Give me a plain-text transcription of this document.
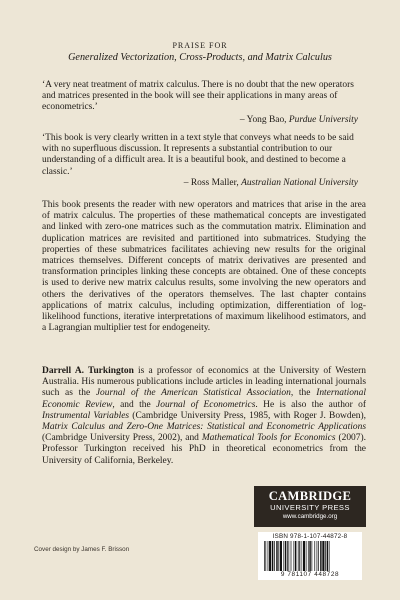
PRAISE FOR
Generalized Vectorization, Cross-Products, and Matrix Calculus

‘A very neat treatment of matrix calculus. There is no doubt that the new operators and matrices presented in the book will see their applications in many areas of econometrics.’

– Yong Bao, Purdue University

‘This book is very clearly written in a text style that conveys what needs to be said with no superfluous discussion. It represents a substantial contribution to our understanding of a difficult area. It is a beautiful book, and destined to become a classic.’

– Ross Maller, Australian National University

This book presents the reader with new operators and matrices that arise in the area of matrix calculus. The properties of these mathematical concepts are investigated and linked with zero-one matrices such as the commutation matrix. Elimination and duplication matrices are revisited and partitioned into submatrices. Studying the properties of these submatrices facilitates achieving new results for the original matrices themselves. Different concepts of matrix derivatives are presented and transformation principles linking these concepts are obtained. One of these concepts is used to derive new matrix calculus results, some involving the new operators and others the derivatives of the operators themselves. The last chapter contains applications of matrix calculus, including optimization, differentiation of log-likelihood functions, iterative interpretations of maximum likelihood estimators, and a Lagrangian multiplier test for endogeneity.

Darrell A. Turkington is a professor of economics at the University of Western Australia. His numerous publications include articles in leading international journals such as the Journal of the American Statistical Association, the International Economic Review, and the Journal of Econometrics. He is also the author of Instrumental Variables (Cambridge University Press, 1985, with Roger J. Bowden), Matrix Calculus and Zero-One Matrices: Statistical and Econometric Applications (Cambridge University Press, 2002), and Mathematical Tools for Economics (2007). Professor Turkington received his PhD in theoretical econometrics from the University of California, Berkeley.

CAMBRIDGE
UNIVERSITY PRESS
www.cambridge.org
ISBN 978-1-107-44872-8
9 781107 448728
Cover design by James F. Brisson
